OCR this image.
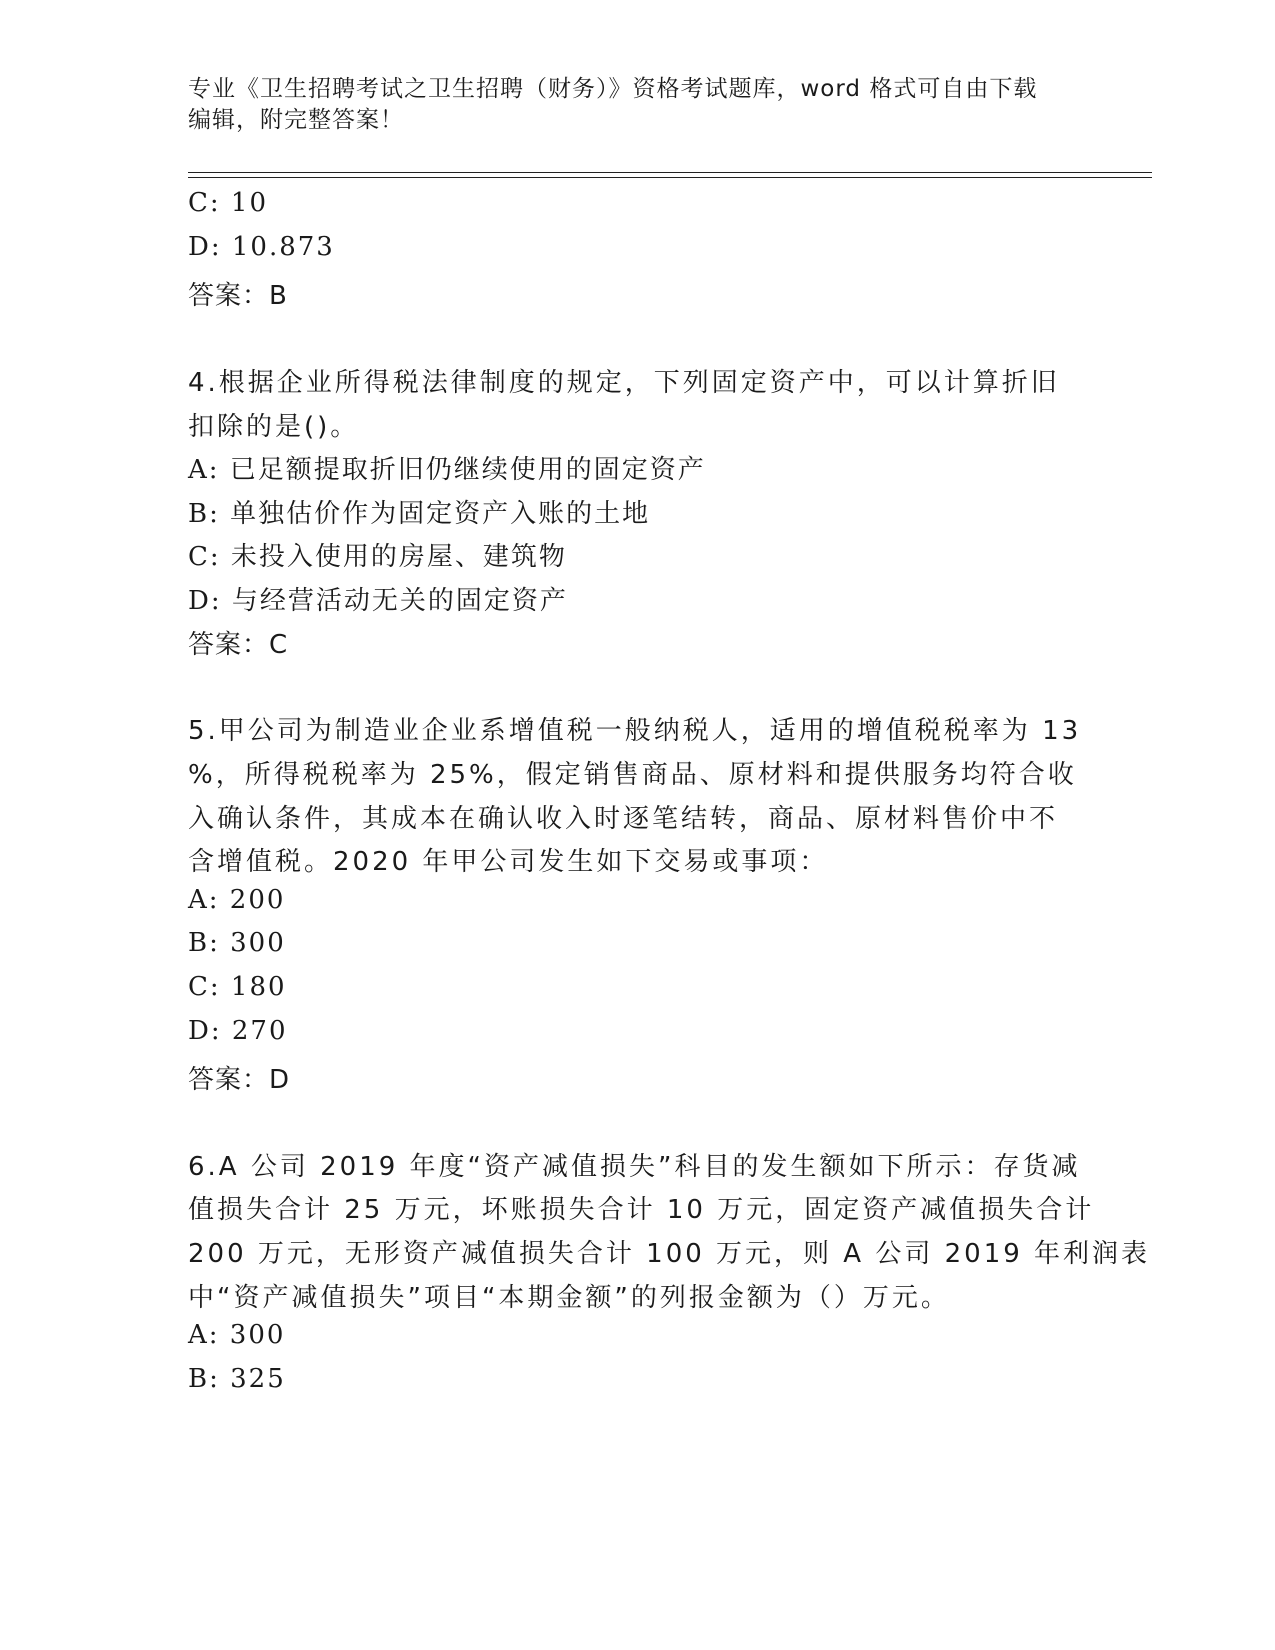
专业《卫生招聘考试之卫生招聘（财务）》资格考试题库，word 格式可自由下载
编辑，附完整答案！
C: 10
D: 10.873
答案：B
4.根据企业所得税法律制度的规定，下列固定资产中，可以计算折旧
扣除的是()。
A: 已足额提取折旧仍继续使用的固定资产
B: 单独估价作为固定资产入账的土地
C: 未投入使用的房屋、建筑物
D: 与经营活动无关的固定资产
答案：C
5.甲公司为制造业企业系增值税一般纳税人，适用的增值税税率为 13
%，所得税税率为 25%，假定销售商品、原材料和提供服务均符合收
入确认条件，其成本在确认收入时逐笔结转，商品、原材料售价中不
含增值税。2020 年甲公司发生如下交易或事项：
A: 200
B: 300
C: 180
D: 270
答案：D
6.A 公司 2019 年度“资产减值损失”科目的发生额如下所示：存货减
值损失合计 25 万元，坏账损失合计 10 万元，固定资产减值损失合计
200 万元，无形资产减值损失合计 100 万元，则 A 公司 2019 年利润表
中“资产减值损失”项目“本期金额”的列报金额为（）万元。
A: 300
B: 325
